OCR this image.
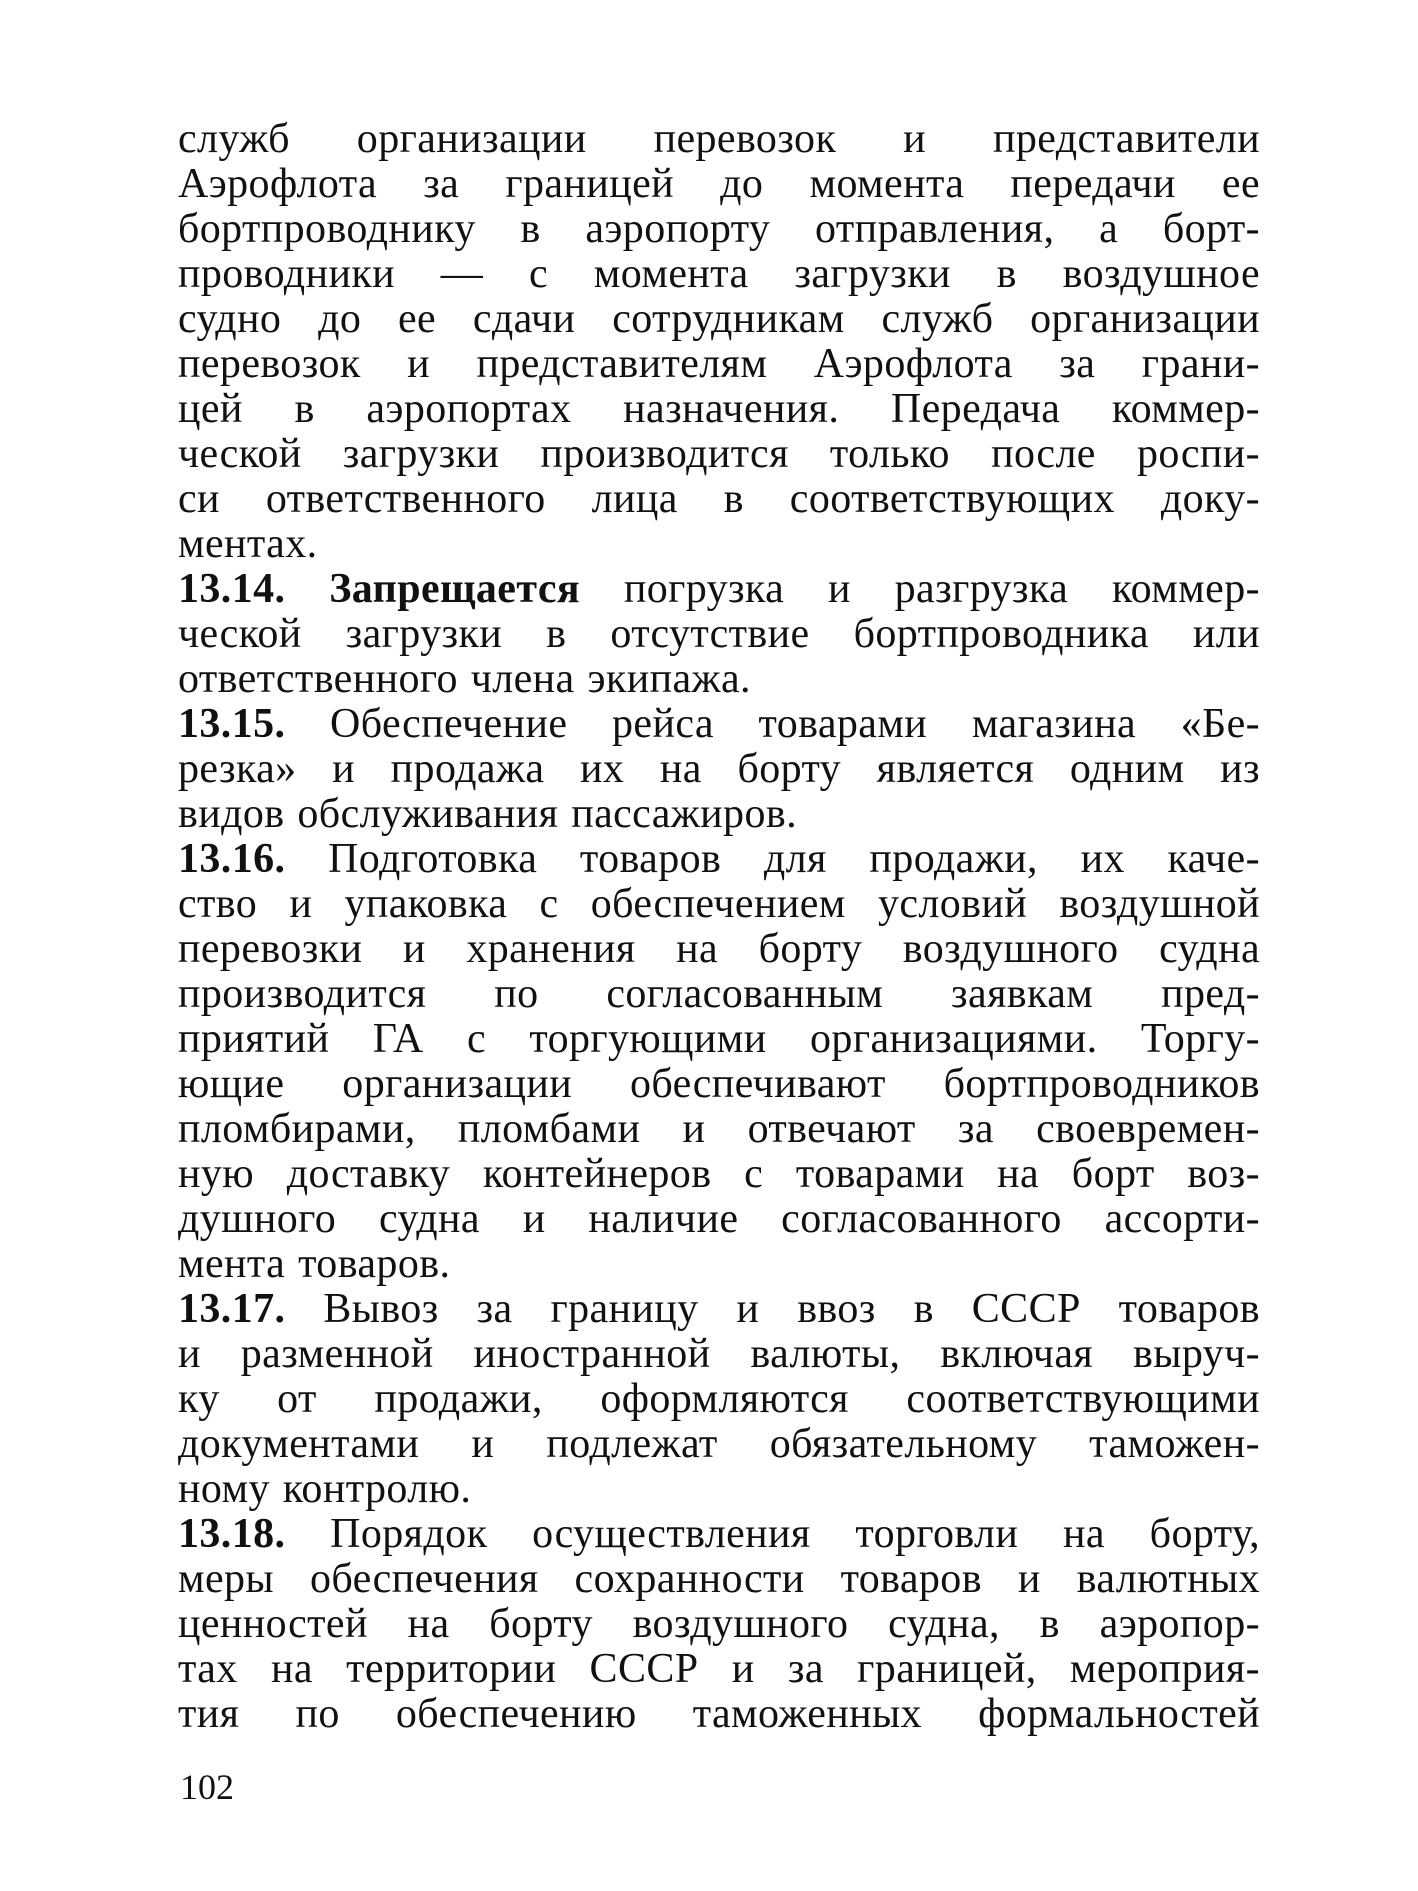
служб организации перевозок и представители
Аэрофлота за границей до момента передачи ее
бортпроводнику в аэропорту отправления, а борт-
проводники — с момента загрузки в воздушное
судно до ее сдачи сотрудникам служб организации
перевозок и представителям Аэрофлота за грани-
цей в аэропортах назначения. Передача коммер-
ческой загрузки производится только после роспи-
си ответственного лица в соответствующих доку-
ментах.
13.14. Запрещается погрузка и разгрузка коммер-
ческой загрузки в отсутствие бортпроводника или
ответственного члена экипажа.
13.15. Обеспечение рейса товарами магазина «Бе-
резка» и продажа их на борту является одним из
видов обслуживания пассажиров.
13.16. Подготовка товаров для продажи, их каче-
ство и упаковка с обеспечением условий воздушной
перевозки и хранения на борту воздушного судна
производится по согласованным заявкам пред-
приятий ГА с торгующими организациями. Торгу-
ющие организации обеспечивают бортпроводников
пломбирами, пломбами и отвечают за своевремен-
ную доставку контейнеров с товарами на борт воз-
душного судна и наличие согласованного ассорти-
мента товаров.
13.17. Вывоз за границу и ввоз в СССР товаров
и разменной иностранной валюты, включая выруч-
ку от продажи, оформляются соответствующими
документами и подлежат обязательному таможен-
ному контролю.
13.18. Порядок осуществления торговли на борту,
меры обеспечения сохранности товаров и валютных
ценностей на борту воздушного судна, в аэропор-
тах на территории СССР и за границей, мероприя-
тия по обеспечению таможенных формальностей
102
